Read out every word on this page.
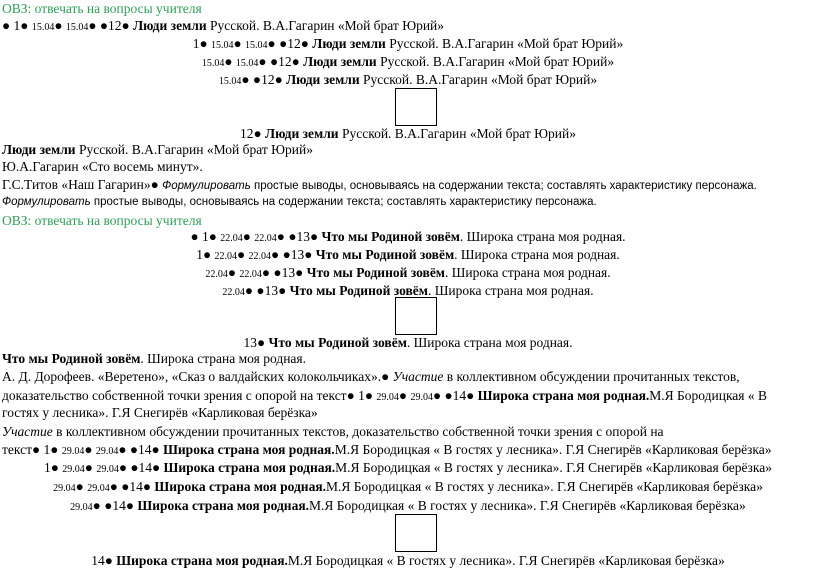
ОВЗ: отвечать на вопросы учителя
● 1● 15.04● 15.04● ●12● Люди земли Русской. В.А.Гагарин «Мой брат Юрий»
1● 15.04● 15.04● ●12● Люди земли Русской. В.А.Гагарин «Мой брат Юрий»
15.04● 15.04● ●12● Люди земли Русской. В.А.Гагарин «Мой брат Юрий»
15.04● ●12● Люди земли Русской. В.А.Гагарин «Мой брат Юрий»
12● Люди земли Русской. В.А.Гагарин «Мой брат Юрий»
Люди земли Русской. В.А.Гагарин «Мой брат Юрий»
Ю.А.Гагарин «Сто восемь минут».
Г.С.Титов «Наш Гагарин»● Формулировать простые выводы, основываясь на содержании текста; составлять характеристику персонажа.
Формулировать простые выводы, основываясь на содержании текста; составлять характеристику персонажа.
ОВЗ: отвечать на вопросы учителя
● 1● 22.04● 22.04● ●13● Что мы Родиной зовём. Широка страна моя родная.
1● 22.04● 22.04● ●13● Что мы Родиной зовём. Широка страна моя родная.
22.04● 22.04● ●13● Что мы Родиной зовём. Широка страна моя родная.
22.04● ●13● Что мы Родиной зовём. Широка страна моя родная.
13● Что мы Родиной зовём. Широка страна моя родная.
Что мы Родиной зовём. Широка страна моя родная.
А. Д. Дорофеев. «Веретено», «Сказ о валдайских колокольчиках».● Участие в коллективном обсуждении прочитанных текстов,
доказательство собственной точки зрения с опорой на текст● 1● 29.04● 29.04● ●14● Широка страна моя родная.М.Я Бородицкая « В
гостях у лесника». Г.Я Снегирёв «Карликовая берёзка»
Участие в коллективном обсуждении прочитанных текстов, доказательство собственной точки зрения с опорой на
текст● 1● 29.04● 29.04● ●14● Широка страна моя родная.М.Я Бородицкая « В гостях у лесника». Г.Я Снегирёв «Карликовая берёзка»
1● 29.04● 29.04● ●14● Широка страна моя родная.М.Я Бородицкая « В гостях у лесника». Г.Я Снегирёв «Карликовая берёзка»
29.04● 29.04● ●14● Широка страна моя родная.М.Я Бородицкая « В гостях у лесника». Г.Я Снегирёв «Карликовая берёзка»
29.04● ●14● Широка страна моя родная.М.Я Бородицкая « В гостях у лесника». Г.Я Снегирёв «Карликовая берёзка»
14● Широка страна моя родная.М.Я Бородицкая « В гостях у лесника». Г.Я Снегирёв «Карликовая берёзка»
